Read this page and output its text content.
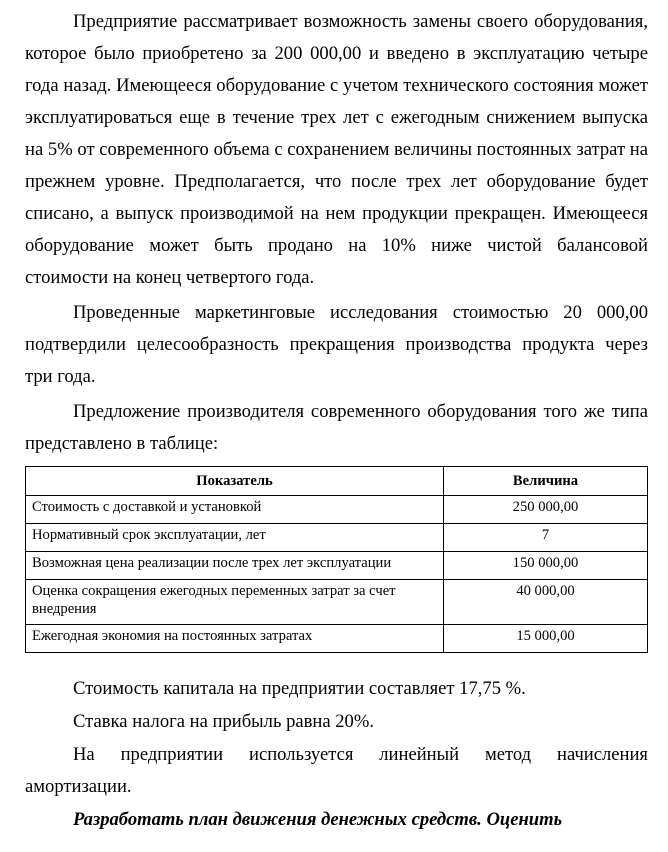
Предприятие рассматривает возможность замены своего оборудования, которое было приобретено за 200 000,00 и введено в эксплуатацию четыре года назад. Имеющееся оборудование с учетом технического состояния может эксплуатироваться еще в течение трех лет с ежегодным снижением выпуска на 5% от современного объема с сохранением величины постоянных затрат на прежнем уровне. Предполагается, что после трех лет оборудование будет списано, а выпуск производимой на нем продукции прекращен. Имеющееся оборудование может быть продано на 10% ниже чистой балансовой стоимости на конец четвертого года.

Проведенные маркетинговые исследования стоимостью 20 000,00 подтвердили целесообразность прекращения производства продукта через три года.

Предложение производителя современного оборудования того же типа представлено в таблице:

Показатель	Величина
Стоимость с доставкой и установкой	250 000,00
Нормативный срок эксплуатации, лет	7
Возможная цена реализации после трех лет эксплуатации	150 000,00
Оценка сокращения ежегодных переменных затрат за счет внедрения	40 000,00
Ежегодная экономия на постоянных затратах	15 000,00

Стоимость капитала на предприятии составляет 17,75 %.

Ставка налога на прибыль равна 20%.

На предприятии используется линейный метод начисления амортизации.

Разработать план движения денежных средств. Оценить
